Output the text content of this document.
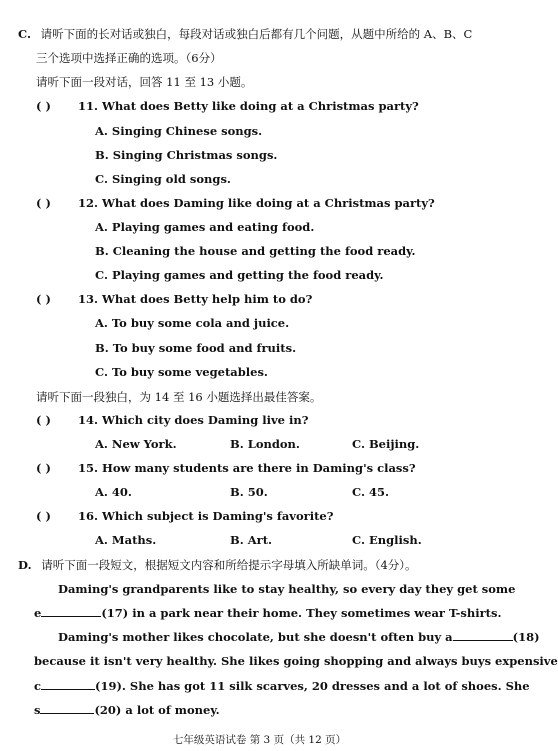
C. 请听下面的长对话或独白，每段对话或独白后都有几个问题，从题中所给的 A、B、C
三个选项中选择正确的选项。（6分）
请听下面一段对话，回答 11 至 13 小题。
( ) 11. What does Betty like doing at a Christmas party?
A. Singing Chinese songs.
B. Singing Christmas songs.
C. Singing old songs.
( ) 12. What does Daming like doing at a Christmas party?
A. Playing games and eating food.
B. Cleaning the house and getting the food ready.
C. Playing games and getting the food ready.
( ) 13. What does Betty help him to do?
A. To buy some cola and juice.
B. To buy some food and fruits.
C. To buy some vegetables.
请听下面一段独白，为 14 至 16 小题选择出最佳答案。
( ) 14. Which city does Daming live in?
A. New York.	B. London.	C. Beijing.
( ) 15. How many students are there in Daming's class?
A. 40.	B. 50.	C. 45.
( ) 16. Which subject is Daming's favorite?
A. Maths.	B. Art.	C. English.
D. 请听下面一段短文，根据短文内容和所给提示字母填入所缺单词。（4分）。
Daming's grandparents like to stay healthy, so every day they get some
e	(17) in a park near their home. They sometimes wear T-shirts.
Daming's mother likes chocolate, but she doesn't often buy a	(18)
because it isn't very healthy. She likes going shopping and always buys expensive
c	(19). She has got 11 silk scarves, 20 dresses and a lot of shoes. She
s	(20) a lot of money.
七年级英语试卷 第 3 页（共 12 页）
